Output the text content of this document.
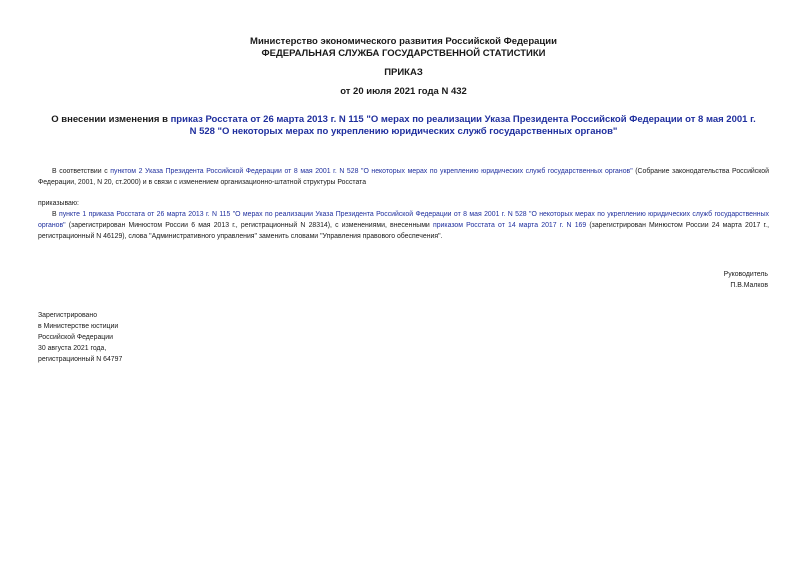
Министерство экономического развития Российской Федерации
ФЕДЕРАЛЬНАЯ СЛУЖБА ГОСУДАРСТВЕННОЙ СТАТИСТИКИ
ПРИКАЗ
от 20 июля 2021 года N 432
О внесении изменения в приказ Росстата от 26 марта 2013 г. N 115 "О мерах по реализации Указа Президента Российской Федерации от 8 мая 2001 г. N 528 "О некоторых мерах по укреплению юридических служб государственных органов"
В соответствии с пунктом 2 Указа Президента Российской Федерации от 8 мая 2001 г. N 528 "О некоторых мерах по укреплению юридических служб государственных органов" (Собрание законодательства Российской Федерации, 2001, N 20, ст.2000) и в связи с изменением организационно-штатной структуры Росстата
приказываю:
В пункте 1 приказа Росстата от 26 марта 2013 г. N 115 "О мерах по реализации Указа Президента Российской Федерации от 8 мая 2001 г. N 528 "О некоторых мерах по укреплению юридических служб государственных органов" (зарегистрирован Минюстом России 6 мая 2013 г., регистрационный N 28314), с изменениями, внесенными приказом Росстата от 14 марта 2017 г. N 169 (зарегистрирован Минюстом России 24 марта 2017 г., регистрационный N 46129), слова "Административного управления" заменить словами "Управления правового обеспечения".
Руководитель
П.В.Малков
Зарегистрировано
в Министерстве юстиции
Российской Федерации
30 августа 2021 года,
регистрационный N 64797
